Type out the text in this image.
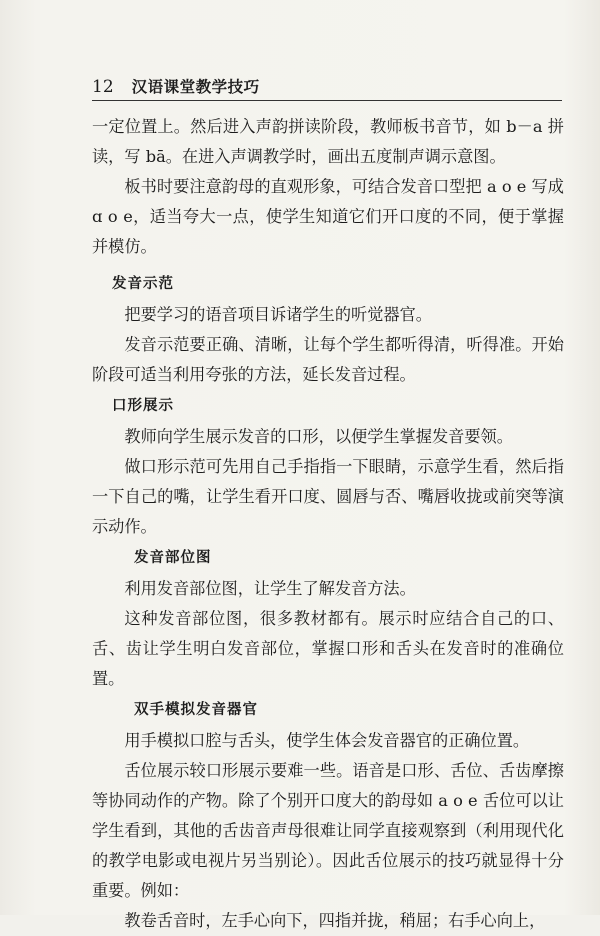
12 汉语课堂教学技巧

一定位置上。然后进入声韵拼读阶段，教师板书音节，如 b－a 拼读，写 bā。在进入声调教学时，画出五度制声调示意图。

板书时要注意韵母的直观形象，可结合发音口型把 a o e 写成 ɑ o e，适当夸大一点，使学生知道它们开口度的不同，便于掌握并模仿。

发音示范

把要学习的语音项目诉诸学生的听觉器官。

发音示范要正确、清晰，让每个学生都听得清，听得准。开始阶段可适当利用夸张的方法，延长发音过程。

口形展示

教师向学生展示发音的口形，以便学生掌握发音要领。

做口形示范可先用自己手指指一下眼睛，示意学生看，然后指一下自己的嘴，让学生看开口度、圆唇与否、嘴唇收拢或前突等演示动作。

发音部位图

利用发音部位图，让学生了解发音方法。

这种发音部位图，很多教材都有。展示时应结合自己的口、舌、齿让学生明白发音部位，掌握口形和舌头在发音时的准确位置。

双手模拟发音器官

用手模拟口腔与舌头，使学生体会发音器官的正确位置。

舌位展示较口形展示要难一些。语音是口形、舌位、舌齿摩擦等协同动作的产物。除了个别开口度大的韵母如 a o e 舌位可以让学生看到，其他的舌齿音声母很难让同学直接观察到（利用现代化的教学电影或电视片另当别论）。因此舌位展示的技巧就显得十分重要。例如：

教卷舌音时，左手心向下，四指并拢，稍屈；右手心向上，
